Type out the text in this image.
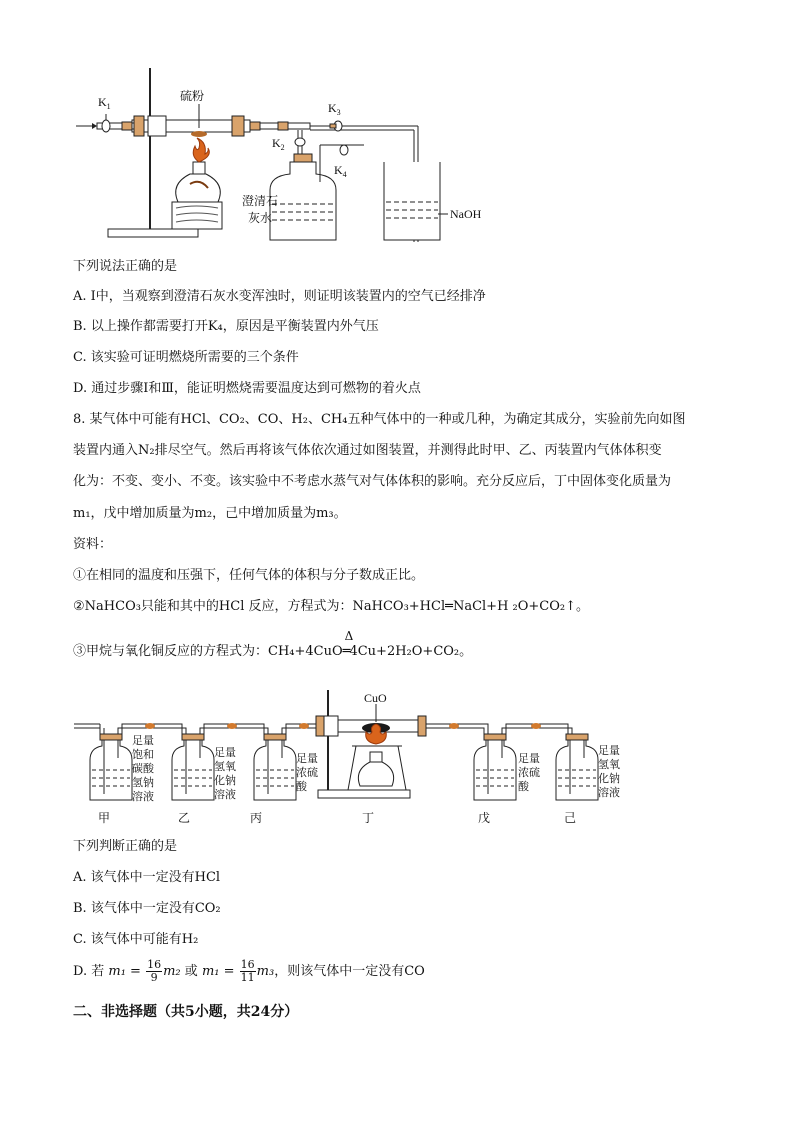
$K_1$
硫粉
$K_3$
$K_2$
$K_4$
澄清石
灰水	NaOH
下列说法正确的是
A. Ⅰ中，当观察到澄清石灰水变浑浊时，则证明该装置内的空气已经排净
B. 以上操作都需要打开K₄，原因是平衡装置内外气压
C. 该实验可证明燃烧所需要的三个条件
D. 通过步骤Ⅰ和Ⅲ，能证明燃烧需要温度达到可燃物的着火点
8. 某气体中可能有HCl、CO₂、CO、H₂、CH₄五种气体中的一种或几种，为确定其成分，实验前先向如图
装置内通入N₂排尽空气。然后再将该气体依次通过如图装置，并测得此时甲、乙、丙装置内气体体积变
化为：不变、变小、不变。该实验中不考虑水蒸气对气体体积的影响。充分反应后，丁中固体变化质量为
m₁，戊中增加质量为m₂，己中增加质量为m₃。
资料：
①在相同的温度和压强下，任何气体的体积与分子数成正比。
②NaHCO₃只能和其中的HCl 反应，方程式为：NaHCO₃+HCl═NaCl+H ₂O+CO₂↑。
③甲烷与氧化铜反应的方程式为：CH₄+4CuO
Δ
═4Cu+2H₂O+CO₂。
CuO
足量
饱和
碳酸
氢钠
溶液
足量
氢氧
化钠
溶液
足量
浓硫
酸
足量
浓硫
酸
足量
氢氧
化钠
溶液
甲	乙	丙	丁	戊	己
下列判断正确的是
A. 该气体中一定没有HCl
B. 该气体中一定没有CO₂
C. 该气体中可能有H₂
D. 若 $m_1 = \frac{16}{9} m_2$ 或 $m_1 = \frac{16}{11} m_3$，则该气体中一定没有CO
二、非选择题（共5小题，共24分）
